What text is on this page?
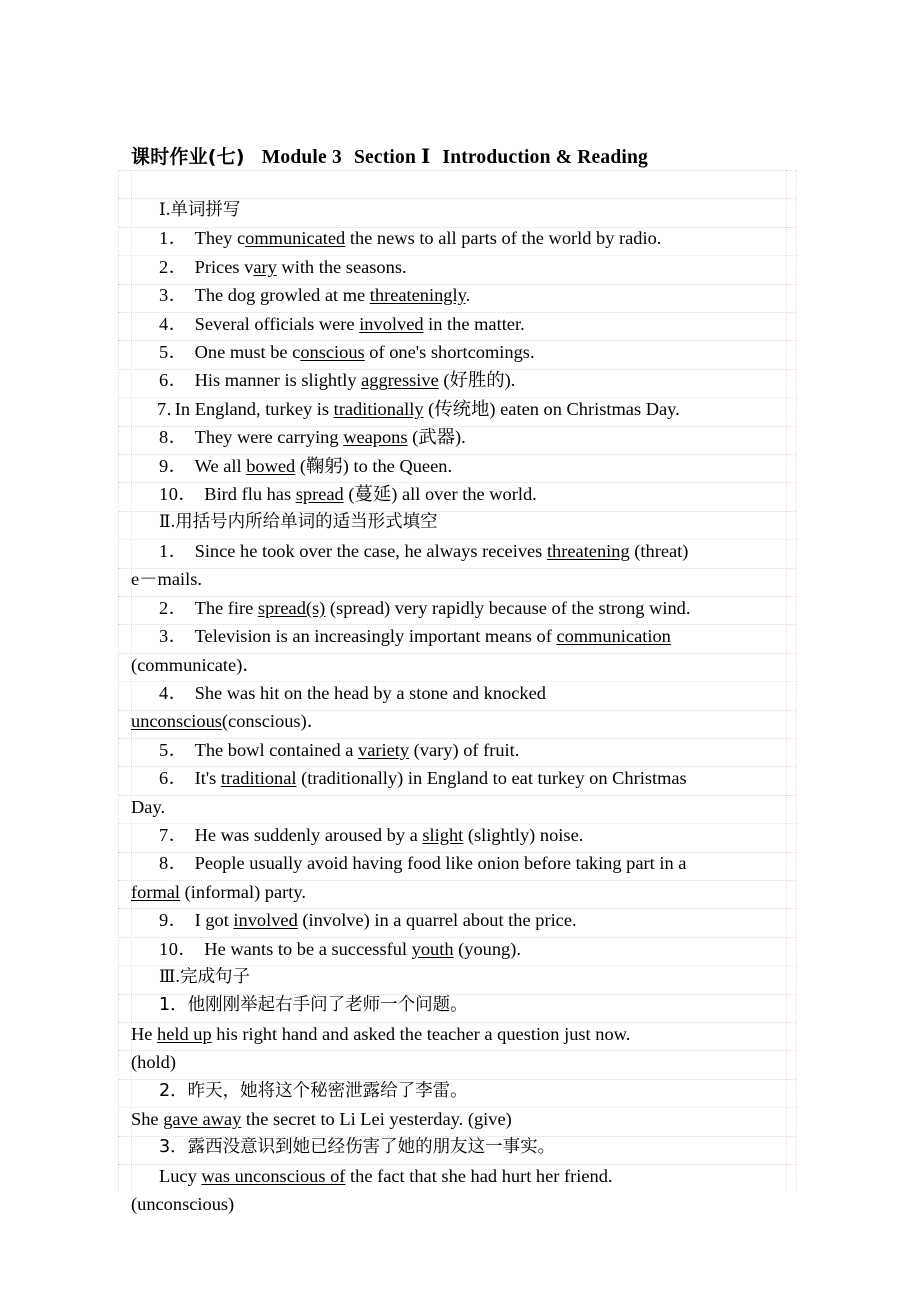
课时作业(七) Module 3 Section Ⅰ Introduction & Reading
Ⅰ.单词拼写
1． They communicated the news to all parts of the world by radio.
2． Prices vary with the seasons.
3． The dog growled at me threateningly.
4． Several officials were involved in the matter.
5． One must be conscious of one's shortcomings.
6． His manner is slightly aggressive (好胜的).
7. In England, turkey is traditionally (传统地) eaten on Christmas Day.
8． They were carrying weapons (武器).
9． We all bowed (鞠躬) to the Queen.
10． Bird flu has spread (蔓延) all over the world.
Ⅱ.用括号内所给单词的适当形式填空
1． Since he took over the case, he always receives threatening (threat)
e－mails.
2． The fire spread(s) (spread) very rapidly because of the strong wind.
3． Television is an increasingly important means of communication
(communicate)．
4． She was hit on the head by a stone and knocked
unconscious(conscious)．
5． The bowl contained a variety (vary) of fruit.
6． It's traditional (traditionally) in England to eat turkey on Christmas
Day.
7． He was suddenly aroused by a slight (slightly) noise.
8． People usually avoid having food like onion before taking part in a
formal (informal) party.
9． I got involved (involve) in a quarrel about the price.
10． He wants to be a successful youth (young).
Ⅲ.完成句子
1．他刚刚举起右手问了老师一个问题。
He held up his right hand and asked the teacher a question just now.
(hold)
2．昨天，她将这个秘密泄露给了李雷。
She gave away the secret to Li Lei yesterday. (give)
3．露西没意识到她已经伤害了她的朋友这一事实。
Lucy was unconscious of the fact that she had hurt her friend.
(unconscious)
